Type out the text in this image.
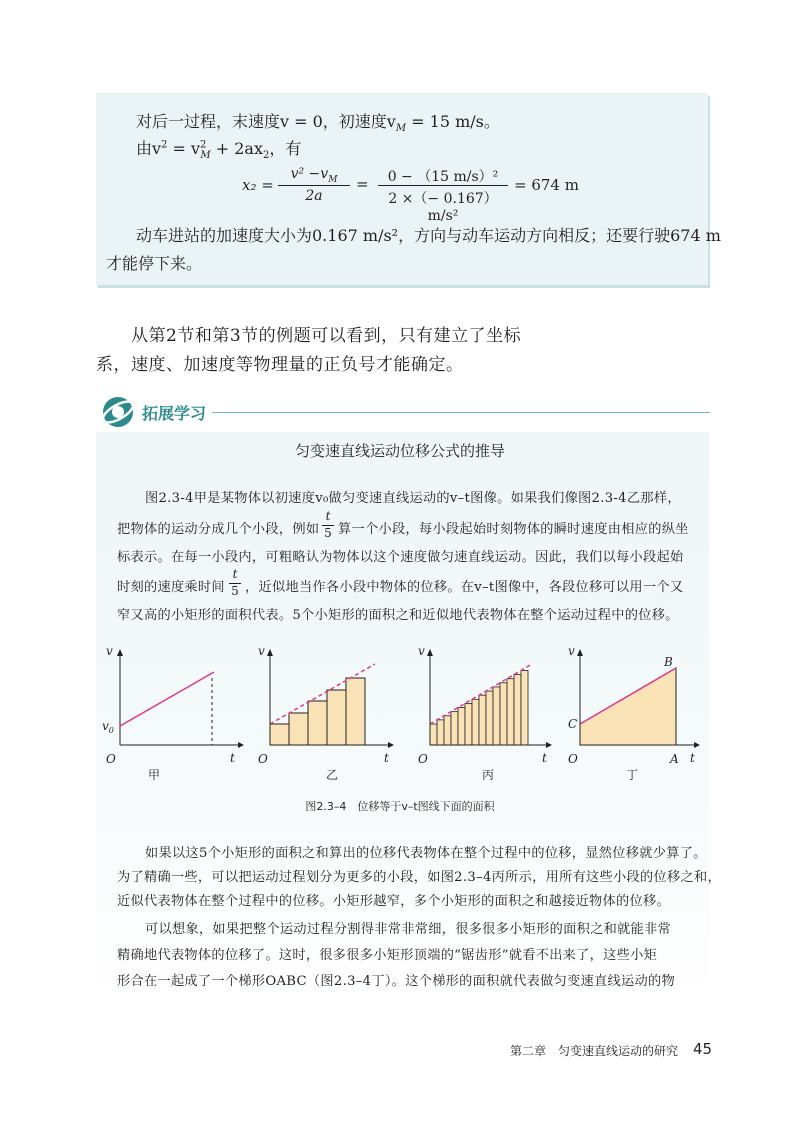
对后一过程，末速度v = 0，初速度$v_M = 15$ m/s。
由$v^2 = v^2_M + 2ax_2$，有
x₂ =
$v^2 -v_M$
2a
=	0 − （15 m/s）²
2 ×（− 0.167）m/s²
= 674 m
动车进站的加速度大小为0.167 m/s²，方向与动车运动方向相反；还要行驶674 m
才能停下来。
从第2节和第3节的例题可以看到，只有建立了坐标
系，速度、加速度等物理量的正负号才能确定。
拓展学习
匀变速直线运动位移公式的推导
图2.3-4甲是某物体以初速度v₀做匀变速直线运动的v–t图像。如果我们像图2.3-4乙那样，
把物体的运动分成几个小段，例如
t
5 算一个小段，每小段起始时刻物体的瞬时速度由相应的纵坐
标表示。在每一小段内，可粗略认为物体以这个速度做匀速直线运动。因此，我们以每小段起始
时刻的速度乘时间
t
5 ，近似地当作各小段中物体的位移。在v–t图像中，各段位移可以用一个又
窄又高的小矩形的面积代表。5个小矩形的面积之和近似地代表物体在整个运动过程中的位移。
v
t
O
$v_0$
v
t
O
v
t
O
v
t
O
B
C
A
甲	乙	丙	丁
图2.3–4　位移等于v–t图线下面的面积
如果以这5个小矩形的面积之和算出的位移代表物体在整个过程中的位移，显然位移就少算了。
为了精确一些，可以把运动过程划分为更多的小段，如图2.3–4丙所示，用所有这些小段的位移之和，
近似代表物体在整个过程中的位移。小矩形越窄，多个小矩形的面积之和越接近物体的位移。
可以想象，如果把整个运动过程分割得非常非常细，很多很多小矩形的面积之和就能非常
精确地代表物体的位移了。这时，很多很多小矩形顶端的“锯齿形”就看不出来了，这些小矩
形合在一起成了一个梯形OABC（图2.3–4丁）。这个梯形的面积就代表做匀变速直线运动的物
第二章　匀变速直线运动的研究 45
